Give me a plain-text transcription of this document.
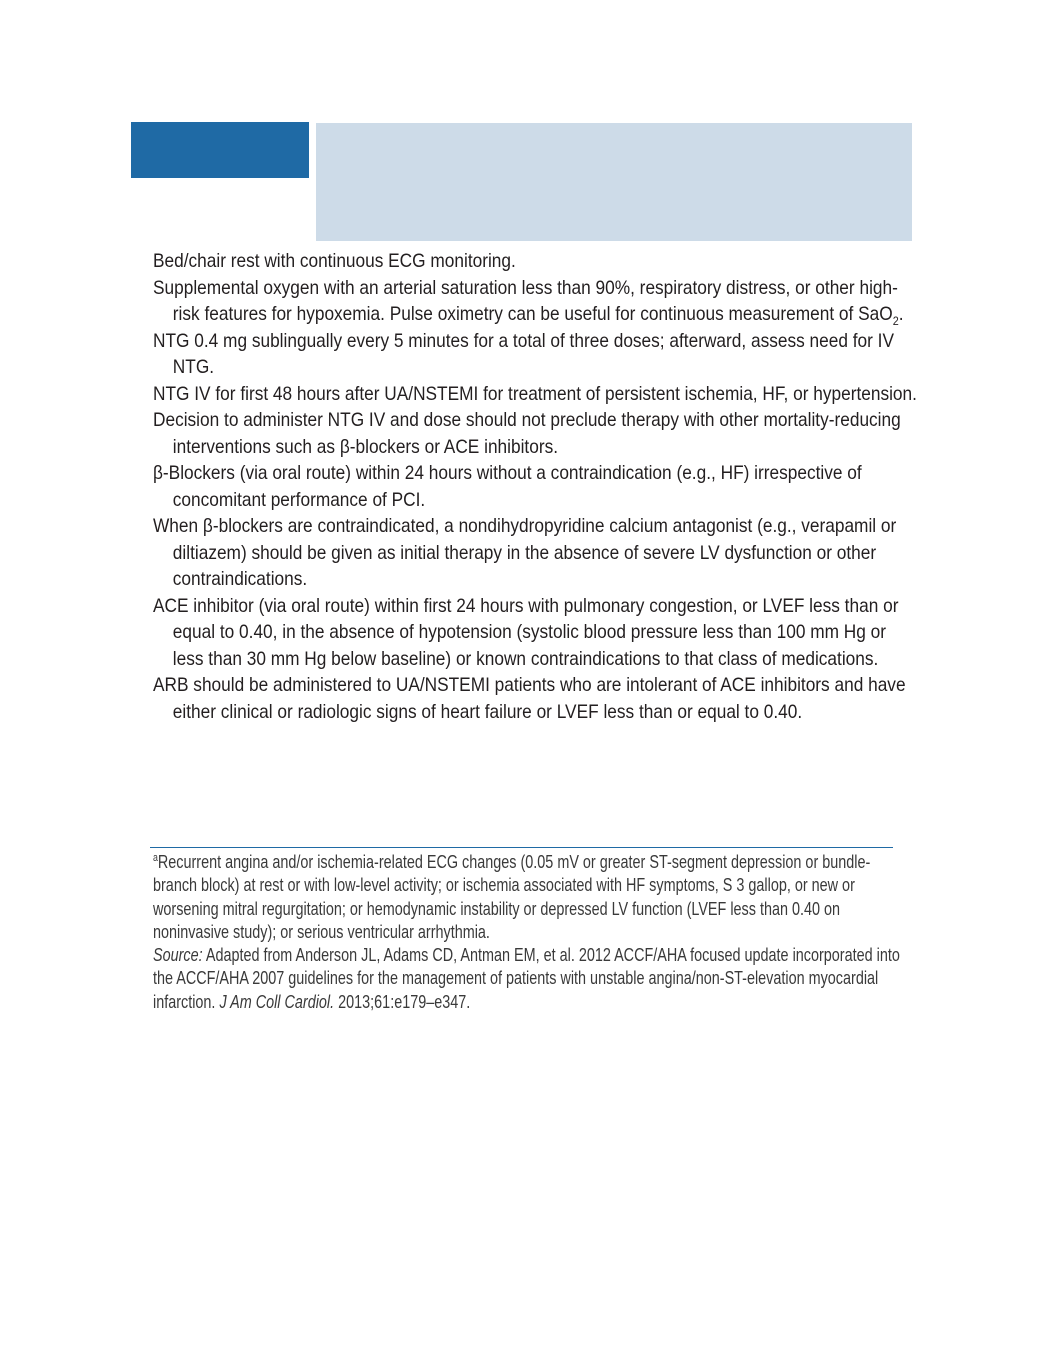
Bed/chair rest with continuous ECG monitoring.
Supplemental oxygen with an arterial saturation less than 90%, respiratory distress, or other high-risk features for hypoxemia. Pulse oximetry can be useful for continuous measurement of SaO$_2$.
NTG 0.4 mg sublingually every 5 minutes for a total of three doses; afterward, assess need for IV NTG.
NTG IV for first 48 hours after UA/NSTEMI for treatment of persistent ischemia, HF, or hypertension.
Decision to administer NTG IV and dose should not preclude therapy with other mortality-reducing interventions such as β-blockers or ACE inhibitors.
β-Blockers (via oral route) within 24 hours without a contraindication (e.g., HF) irrespective of concomitant performance of PCI.
When β-blockers are contraindicated, a nondihydropyridine calcium antagonist (e.g., verapamil or diltiazem) should be given as initial therapy in the absence of severe LV dysfunction or other contraindications.
ACE inhibitor (via oral route) within first 24 hours with pulmonary congestion, or LVEF less than or equal to 0.40, in the absence of hypotension (systolic blood pressure less than 100 mm Hg or less than 30 mm Hg below baseline) or known contraindications to that class of medications.
ARB should be administered to UA/NSTEMI patients who are intolerant of ACE inhibitors and have either clinical or radiologic signs of heart failure or LVEF less than or equal to 0.40.

$^a$Recurrent angina and/or ischemia-related ECG changes (0.05 mV or greater ST-segment depression or bundle-branch block) at rest or with low-level activity; or ischemia associated with HF symptoms, S 3 gallop, or new or worsening mitral regurgitation; or hemodynamic instability or depressed LV function (LVEF less than 0.40 on noninvasive study); or serious ventricular arrhythmia.

Source: Adapted from Anderson JL, Adams CD, Antman EM, et al. 2012 ACCF/AHA focused update incorporated into the ACCF/AHA 2007 guidelines for the management of patients with unstable angina/non-ST-elevation myocardial infarction. J Am Coll Cardiol. 2013;61:e179–e347.
